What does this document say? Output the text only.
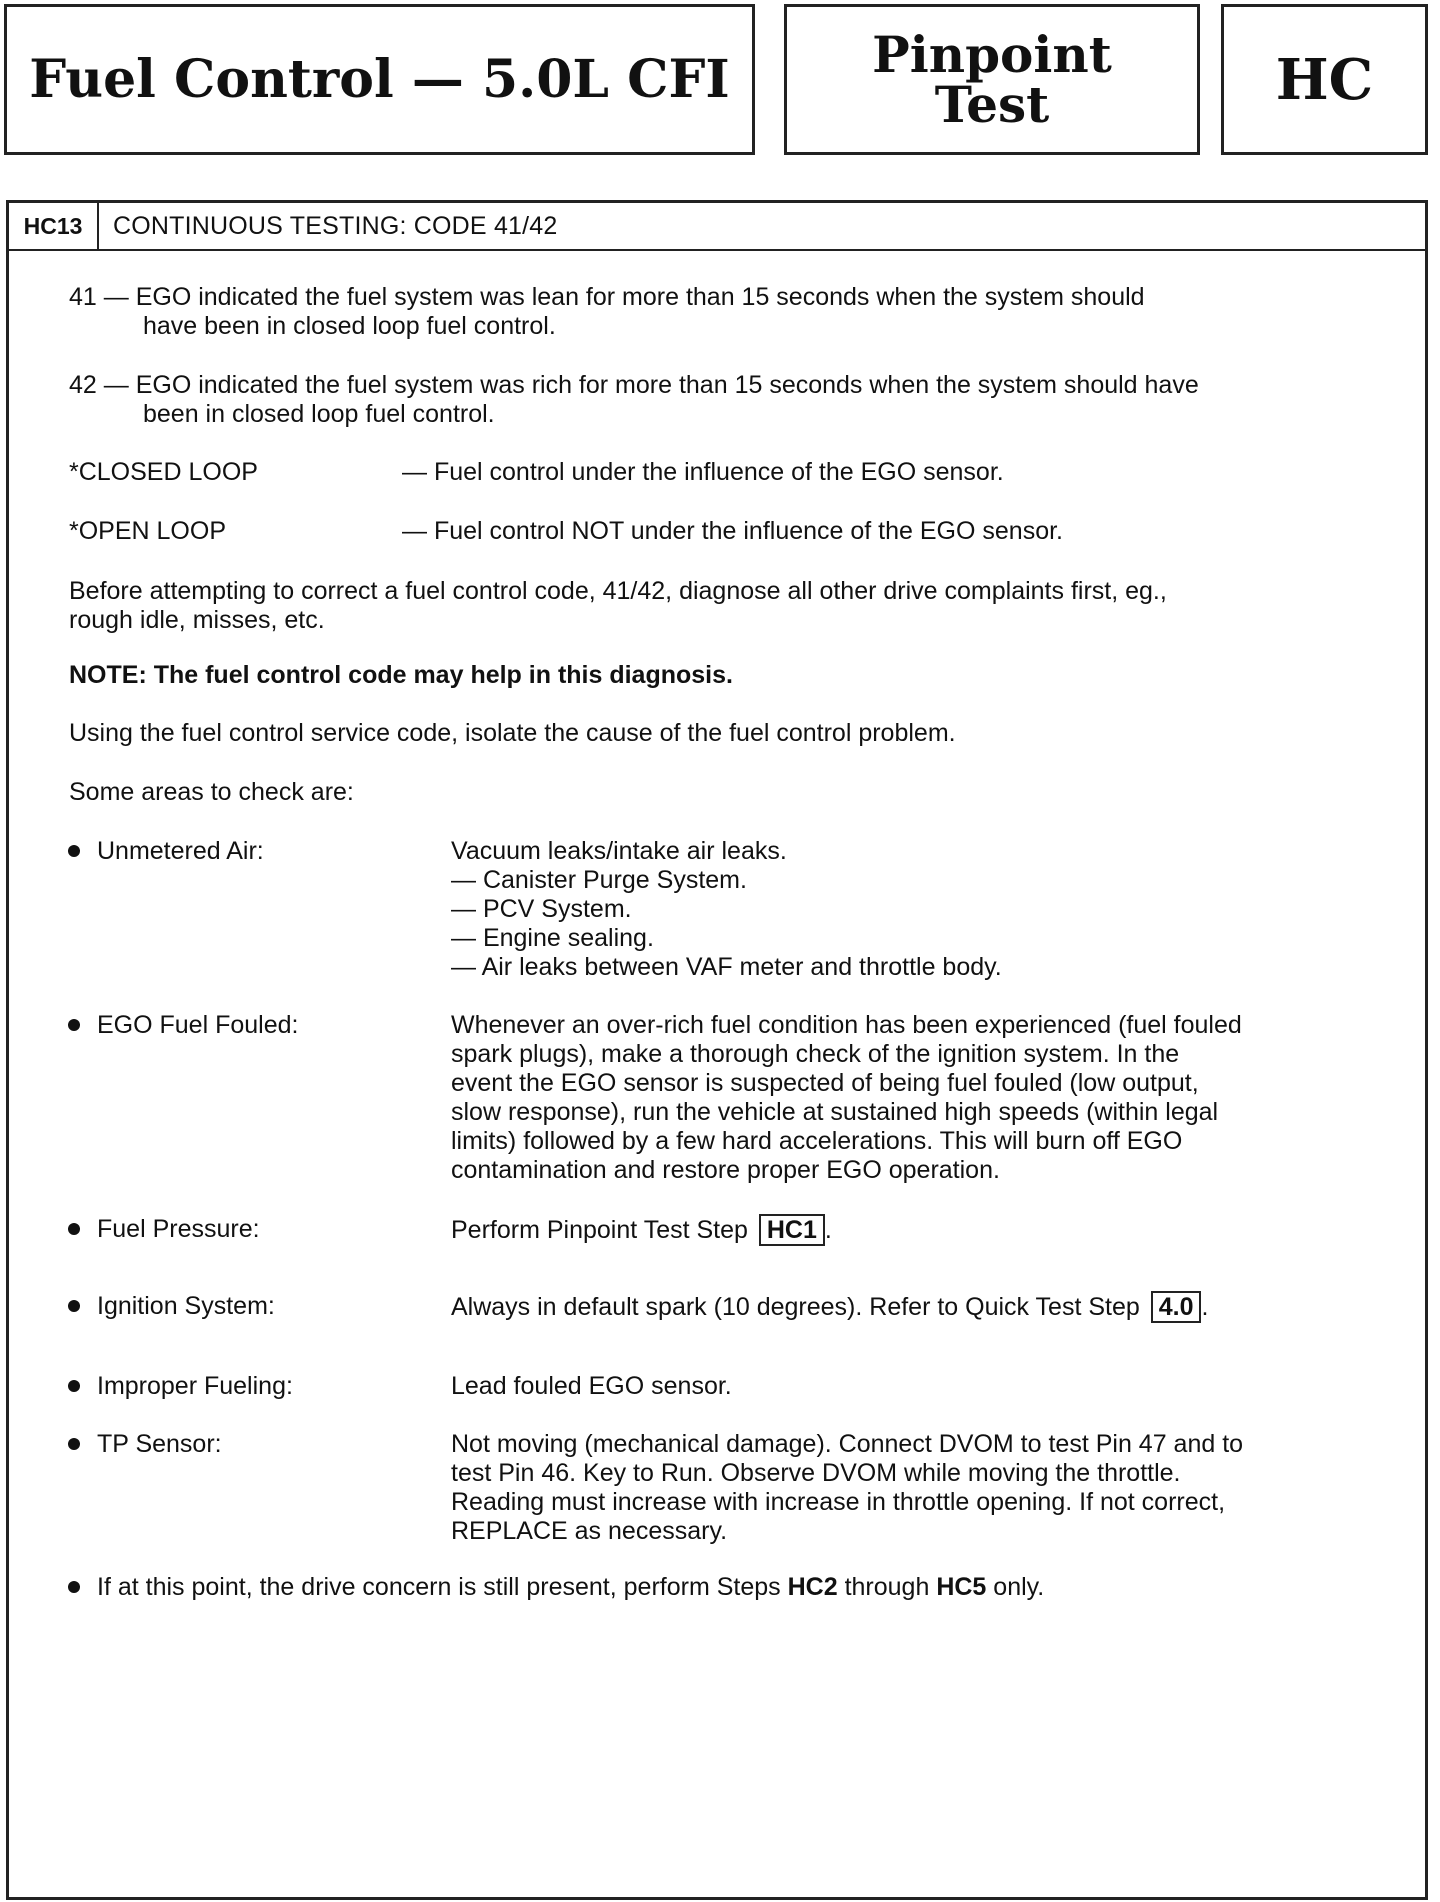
Fuel Control — 5.0L CFI	Pinpoint
Test	HC
HC13	CONTINUOUS TESTING: CODE 41/42
41 — EGO indicated the fuel system was lean for more than 15 seconds when the system should
have been in closed loop fuel control.
42 — EGO indicated the fuel system was rich for more than 15 seconds when the system should have
been in closed loop fuel control.
*CLOSED LOOP	— Fuel control under the influence of the EGO sensor.
*OPEN LOOP	— Fuel control NOT under the influence of the EGO sensor.
Before attempting to correct a fuel control code, 41/42, diagnose all other drive complaints first, eg.,
rough idle, misses, etc.
NOTE: The fuel control code may help in this diagnosis.
Using the fuel control service code, isolate the cause of the fuel control problem.
Some areas to check are:
Unmetered Air:	Vacuum leaks/intake air leaks.
— Canister Purge System.
— PCV System.
— Engine sealing.
— Air leaks between VAF meter and throttle body.
EGO Fuel Fouled:	Whenever an over-rich fuel condition has been experienced (fuel fouled
spark plugs), make a thorough check of the ignition system. In the
event the EGO sensor is suspected of being fuel fouled (low output,
slow response), run the vehicle at sustained high speeds (within legal
limits) followed by a few hard accelerations. This will burn off EGO
contamination and restore proper EGO operation.
Fuel Pressure:	Perform Pinpoint Test Step HC1 .
Ignition System:	Always in default spark (10 degrees). Refer to Quick Test Step 4.0 .
Improper Fueling:	Lead fouled EGO sensor.
TP Sensor:	Not moving (mechanical damage). Connect DVOM to test Pin 47 and to
test Pin 46. Key to Run. Observe DVOM while moving the throttle.
Reading must increase with increase in throttle opening. If not correct,
REPLACE as necessary.
If at this point, the drive concern is still present, perform Steps HC2 through HC5 only.
